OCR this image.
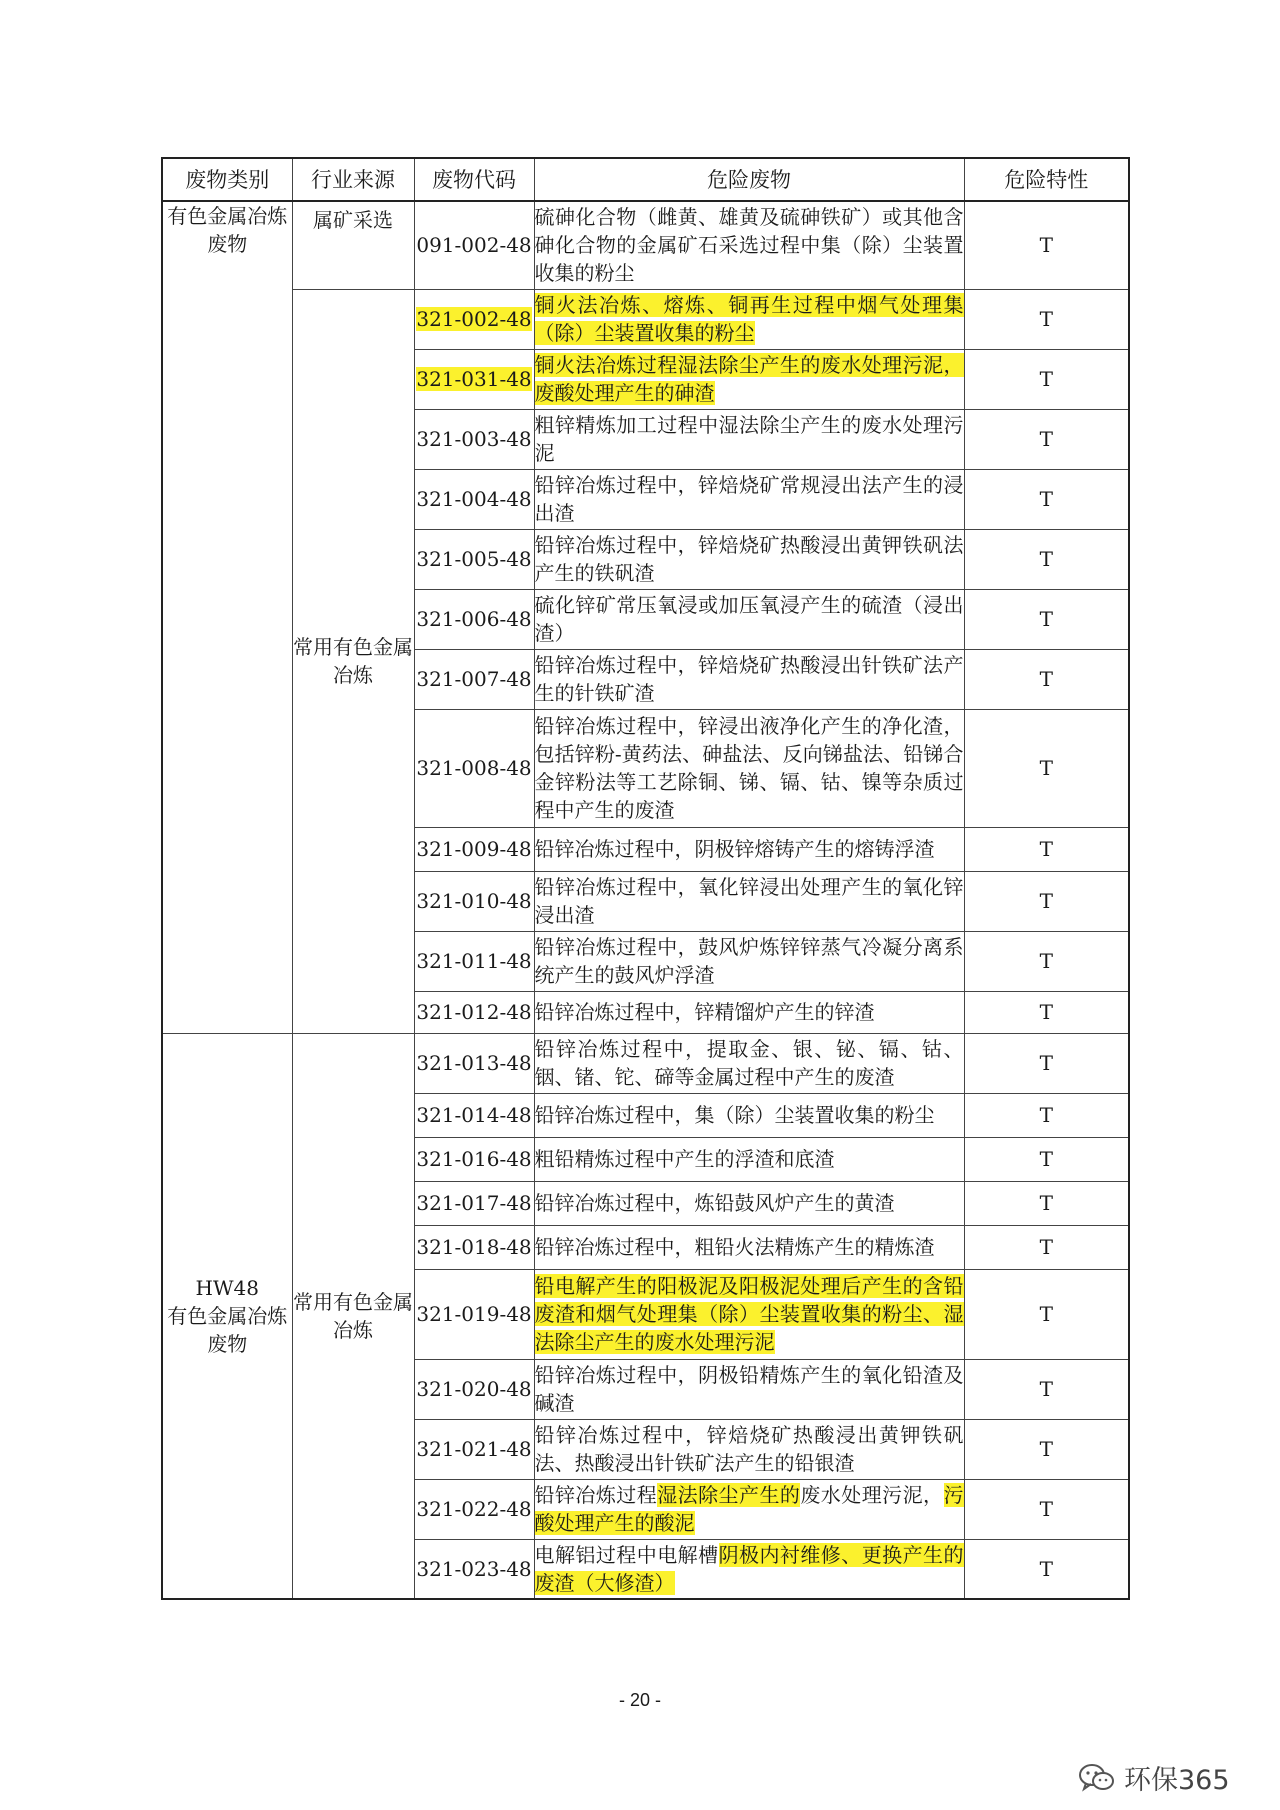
废物类别	行业来源	废物代码	危险废物	危险特性
有色金属冶炼废物	属矿采选	091-002-48	硫砷化合物（雌黄、雄黄及硫砷铁矿）或其他含砷化合物的金属矿石采选过程中集（除）尘装置收集的粉尘	T
	常用有色金属冶炼	321-002-48	铜火法冶炼、熔炼、铜再生过程中烟气处理集（除）尘装置收集的粉尘	T
		321-031-48	铜火法冶炼过程湿法除尘产生的废水处理污泥，废酸处理产生的砷渣	T
		321-003-48	粗锌精炼加工过程中湿法除尘产生的废水处理污泥	T
		321-004-48	铅锌冶炼过程中，锌焙烧矿常规浸出法产生的浸出渣	T
		321-005-48	铅锌冶炼过程中，锌焙烧矿热酸浸出黄钾铁矾法产生的铁矾渣	T
		321-006-48	硫化锌矿常压氧浸或加压氧浸产生的硫渣（浸出渣）	T
		321-007-48	铅锌冶炼过程中，锌焙烧矿热酸浸出针铁矿法产生的针铁矿渣	T
		321-008-48	铅锌冶炼过程中，锌浸出液净化产生的净化渣，包括锌粉-黄药法、砷盐法、反向锑盐法、铅锑合金锌粉法等工艺除铜、锑、镉、钴、镍等杂质过程中产生的废渣	T
		321-009-48	铅锌冶炼过程中，阴极锌熔铸产生的熔铸浮渣	T
		321-010-48	铅锌冶炼过程中，氧化锌浸出处理产生的氧化锌浸出渣	T
		321-011-48	铅锌冶炼过程中，鼓风炉炼锌锌蒸气冷凝分离系统产生的鼓风炉浮渣	T
		321-012-48	铅锌冶炼过程中，锌精馏炉产生的锌渣	T

HW48
有色金属冶炼废物	常用有色金属冶炼	321-013-48	铅锌冶炼过程中，提取金、银、铋、镉、钴、铟、锗、铊、碲等金属过程中产生的废渣	T
		321-014-48	铅锌冶炼过程中，集（除）尘装置收集的粉尘	T
		321-016-48	粗铅精炼过程中产生的浮渣和底渣	T
		321-017-48	铅锌冶炼过程中，炼铅鼓风炉产生的黄渣	T
		321-018-48	铅锌冶炼过程中，粗铅火法精炼产生的精炼渣	T
		321-019-48	铅电解产生的阳极泥及阳极泥处理后产生的含铅废渣和烟气处理集（除）尘装置收集的粉尘、湿法除尘产生的废水处理污泥	T
		321-020-48	铅锌冶炼过程中，阴极铅精炼产生的氧化铅渣及碱渣	T
		321-021-48	铅锌冶炼过程中，锌焙烧矿热酸浸出黄钾铁矾法、热酸浸出针铁矿法产生的铅银渣	T
		321-022-48	铅锌冶炼过程湿法除尘产生的废水处理污泥，污酸处理产生的酸泥	T
		321-023-48	电解铝过程中电解槽阴极内衬维修、更换产生的废渣（大修渣）	T
- 20 -
环保365
